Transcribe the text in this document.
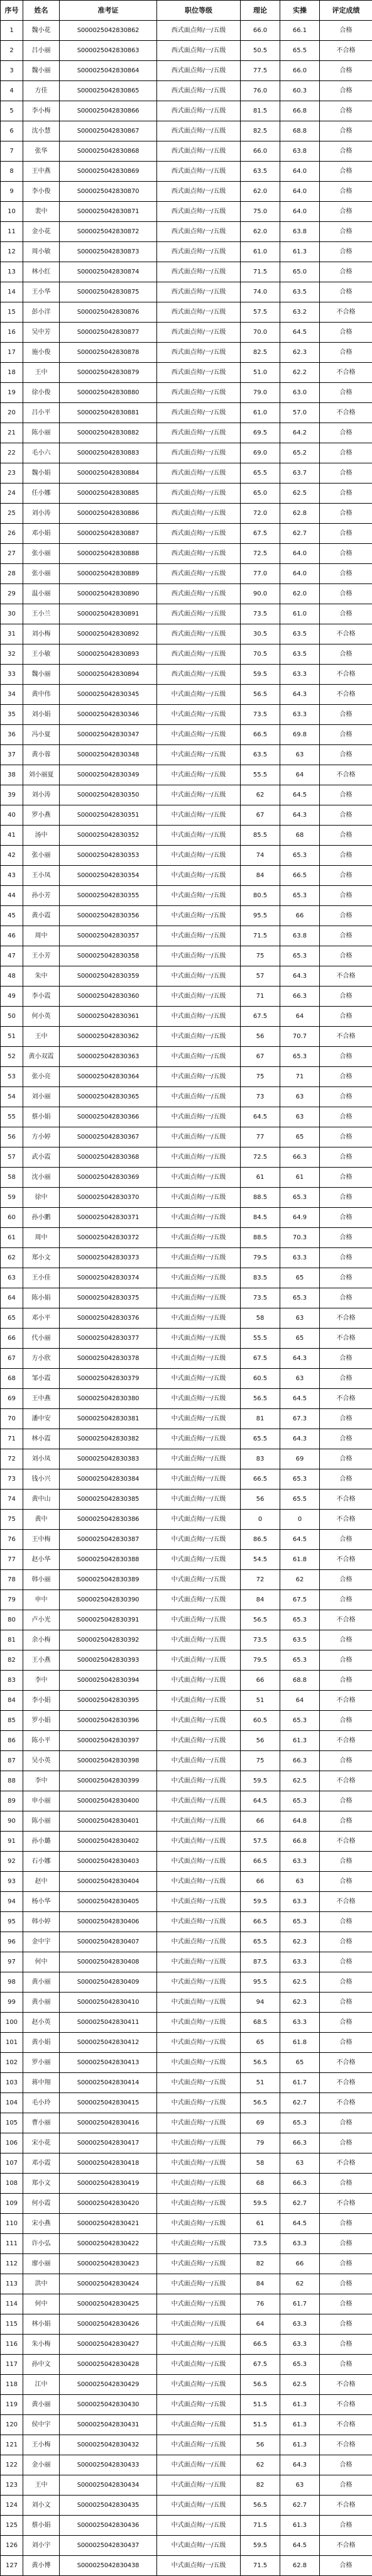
序号	姓名	准考证	职位等级	理论	实操	评定成绩
1	魏小花	S000025042830862	西式面点师/一/五级	66.0	66.1	合格
2	吕小丽	S000025042830863	西式面点师/一/五级	50.5	65.5	不合格
3	魏小丽	S000025042830864	西式面点师/一/五级	77.5	66.0	合格
4	方佳	S000025042830865	西式面点师/一/五级	76.0	60.3	合格
5	李小梅	S000025042830866	西式面点师/一/五级	81.5	66.8	合格
6	沈小慧	S000025042830867	西式面点师/一/五级	82.5	68.8	合格
7	张华	S000025042830868	西式面点师/一/五级	66.0	63.8	合格
8	王中燕	S000025042830869	西式面点师/一/五级	63.5	64.0	合格
9	李小俊	S000025042830870	西式面点师/一/五级	62.0	64.0	合格
10	裴中	S000025042830871	西式面点师/一/五级	75.0	64.0	合格
11	金小花	S000025042830872	西式面点师/一/五级	62.0	63.8	合格
12	周小敏	S000025042830873	西式面点师/一/五级	61.0	61.3	合格
13	林小红	S000025042830874	西式面点师/一/五级	71.5	65.0	合格
14	王小华	S000025042830875	西式面点师/一/五级	74.0	63.5	合格
15	彭小洋	S000025042830876	西式面点师/一/五级	57.5	63.2	不合格
16	吴中芳	S000025042830877	西式面点师/一/五级	70.0	64.5	合格
17	施小俊	S000025042830878	西式面点师/一/五级	82.5	62.3	合格
18	王中	S000025042830879	西式面点师/一/五级	51.0	62.2	不合格
19	徐小俊	S000025042830880	西式面点师/一/五级	79.0	63.0	合格
20	吕小平	S000025042830881	西式面点师/一/五级	61.0	57.0	不合格
21	陈小丽	S000025042830882	西式面点师/一/五级	69.5	64.2	合格
22	毛小六	S000025042830883	西式面点师/一/五级	69.0	65.2	合格
23	魏小娟	S000025042830884	西式面点师/一/五级	65.5	63.7	合格
24	任小娜	S000025042830885	西式面点师/一/五级	65.0	62.5	合格
25	刘小涛	S000025042830886	西式面点师/一/五级	72.0	62.8	合格
26	邓小娟	S000025042830887	西式面点师/一/五级	67.5	62.7	合格
27	张小丽	S000025042830888	西式面点师/一/五级	72.5	64.0	合格
28	张小丽	S000025042830889	西式面点师/一/五级	77.0	64.0	合格
29	温小丽	S000025042830890	西式面点师/一/五级	90.0	62.0	合格
30	王小兰	S000025042830891	西式面点师/一/五级	73.5	61.0	合格
31	刘小梅	S000025042830892	西式面点师/一/五级	30.5	63.5	不合格
32	王小敏	S000025042830893	西式面点师/一/五级	70.5	63.5	合格
33	魏小丽	S000025042830894	西式面点师/一/五级	59.5	63.3	不合格
34	黄中伟	S000025042830345	中式面点师/一/五级	56.5	64.3	不合格
35	刘小娟	S000025042830346	中式面点师/一/五级	73.5	63.3	合格
36	冯小夏	S000025042830347	中式面点师/一/五级	66.5	69.8	合格
37	黄小蓉	S000025042830348	中式面点师/一/五级	63.5	63	合格
38	刘小丽夏	S000025042830349	中式面点师/一/五级	55.5	64	不合格
39	刘小涛	S000025042830350	中式面点师/一/五级	62	64.5	合格
40	罗小燕	S000025042830351	中式面点师/一/五级	67	64.3	合格
41	汤中	S000025042830352	中式面点师/一/五级	85.5	68	合格
42	张小丽	S000025042830353	中式面点师/一/五级	74	65.3	合格
43	王小凤	S000025042830354	中式面点师/一/五级	84	66.5	合格
44	孙小芳	S000025042830355	中式面点师/一/五级	80.5	65.3	合格
45	黄小霞	S000025042830356	中式面点师/一/五级	95.5	66	合格
46	周中	S000025042830357	中式面点师/一/五级	71.5	63.8	合格
47	王小芳	S000025042830358	中式面点师/一/五级	75	65.3	合格
48	朱中	S000025042830359	中式面点师/一/五级	57	64.3	不合格
49	李小霞	S000025042830360	中式面点师/一/五级	71	66.3	合格
50	何小英	S000025042830361	中式面点师/一/五级	67.5	64	合格
51	王中	S000025042830362	中式面点师/一/五级	56	70.7	不合格
52	黄小双霞	S000025042830363	中式面点师/一/五级	67	65.3	合格
53	张小亮	S000025042830364	中式面点师/一/五级	75	71	合格
54	刘小丽	S000025042830365	中式面点师/一/五级	73	63	合格
55	蔡小娟	S000025042830366	中式面点师/一/五级	64.5	63	合格
56	方小婷	S000025042830367	中式面点师/一/五级	77	65	合格
57	武小霞	S000025042830368	中式面点师/一/五级	72.5	66.3	合格
58	沈小丽	S000025042830369	中式面点师/一/五级	61	61	合格
59	徐中	S000025042830370	中式面点师/一/五级	88.5	65.3	合格
60	孙小鹏	S000025042830371	中式面点师/一/五级	84.5	64.9	合格
61	周中	S000025042830372	中式面点师/一/五级	88.5	70.3	合格
62	郑小文	S000025042830373	中式面点师/一/五级	79.5	63.3	合格
63	王小佳	S000025042830374	中式面点师/一/五级	83.5	65	合格
64	陈小娟	S000025042830375	中式面点师/一/五级	73.5	65.3	合格
65	邓小平	S000025042830376	中式面点师/一/五级	58	63	不合格
66	代小丽	S000025042830377	中式面点师/一/五级	55.5	65	不合格
67	方小欣	S000025042830378	中式面点师/一/五级	67.5	64.3	合格
68	邹小霞	S000025042830379	中式面点师/一/五级	60.5	63	合格
69	王中燕	S000025042830380	中式面点师/一/五级	56.5	64.5	不合格
70	潘中安	S000025042830381	中式面点师/一/五级	81	67.3	合格
71	林小霞	S000025042830382	中式面点师/一/五级	65.5	64.3	合格
72	刘小凤	S000025042830383	中式面点师/一/五级	83	69	合格
73	钱小兴	S000025042830384	中式面点师/一/五级	66.5	65.3	合格
74	黄中山	S000025042830385	中式面点师/一/五级	56	65.5	不合格
75	黄中	S000025042830386	中式面点师/一/五级	0	0	不合格
76	王中梅	S000025042830387	中式面点师/一/五级	86.5	64.5	合格
77	赵小华	S000025042830388	中式面点师/一/五级	54.5	61.8	不合格
78	韩小丽	S000025042830389	中式面点师/一/五级	72	62	合格
79	申中	S000025042830390	中式面点师/一/五级	84	67.5	合格
80	卢小光	S000025042830391	中式面点师/一/五级	56.5	65.3	不合格
81	余小梅	S000025042830392	中式面点师/一/五级	73.5	63.5	合格
82	王小燕	S000025042830393	中式面点师/一/五级	79.5	65.3	合格
83	李中	S000025042830394	中式面点师/一/五级	66	68.8	合格
84	李小娟	S000025042830395	中式面点师/一/五级	51	64	不合格
85	罗小娟	S000025042830396	中式面点师/一/五级	60.5	65.3	合格
86	陈小平	S000025042830397	中式面点师/一/五级	56	61.3	不合格
87	吴小英	S000025042830398	中式面点师/一/五级	75	66.3	合格
88	李中	S000025042830399	中式面点师/一/五级	59.5	62.5	不合格
89	申小丽	S000025042830400	中式面点师/一/五级	64.5	65.3	合格
90	陈小丽	S000025042830401	中式面点师/一/五级	66	64.8	合格
91	孙小璐	S000025042830402	中式面点师/一/五级	57.5	66.8	不合格
92	石小娜	S000025042830403	中式面点师/一/五级	66.5	63.3	合格
93	赵中	S000025042830404	中式面点师/一/五级	66	63	合格
94	杨小华	S000025042830405	中式面点师/一/五级	59.5	63.3	不合格
95	韩小婷	S000025042830406	中式面点师/一/五级	66.5	65.3	合格
96	金中宇	S000025042830407	中式面点师/一/五级	65.5	62.3	合格
97	何中	S000025042830408	中式面点师/一/五级	87.5	63.3	合格
98	黄小丽	S000025042830409	中式面点师/一/五级	95.5	62.5	合格
99	黄小丽	S000025042830410	中式面点师/一/五级	94	62.3	合格
100	赵小英	S000025042830411	中式面点师/一/五级	68.5	63.3	合格
101	黄小娟	S000025042830412	中式面点师/一/五级	65	61.8	合格
102	罗小丽	S000025042830413	中式面点师/一/五级	56.5	65	不合格
103	蒋中翔	S000025042830414	中式面点师/一/五级	51	61.7	不合格
104	毛小玲	S000025042830415	中式面点师/一/五级	56.5	62.7	不合格
105	曹小丽	S000025042830416	中式面点师/一/五级	69	65.3	合格
106	宋小花	S000025042830417	中式面点师/一/五级	79	66.3	合格
107	邓小霞	S000025042830418	中式面点师/一/五级	58	63	不合格
108	郑小文	S000025042830419	中式面点师/一/五级	68	66.3	合格
109	何小霞	S000025042830420	中式面点师/一/五级	59.5	62.7	不合格
110	宋小燕	S000025042830421	中式面点师/一/五级	61	64.5	合格
111	许小弘	S000025042830422	中式面点师/一/五级	73.5	63.3	合格
112	廖小丽	S000025042830423	中式面点师/一/五级	82	66	合格
113	洪中	S000025042830424	中式面点师/一/五级	84	62	合格
114	何中	S000025042830425	中式面点师/一/五级	76	61.7	合格
115	林小娟	S000025042830426	中式面点师/一/五级	64	63.3	合格
116	朱小梅	S000025042830427	中式面点师/一/五级	66.5	63.3	合格
117	孙中文	S000025042830428	中式面点师/一/五级	67.5	65.3	合格
118	江中	S000025042830429	中式面点师/一/五级	56.5	62.5	不合格
119	黄小丽	S000025042830430	中式面点师/一/五级	51.5	61.3	不合格
120	侯中宇	S000025042830431	中式面点师/一/五级	51.5	61.3	不合格
121	王小梅	S000025042830432	中式面点师/一/五级	56	61.3	不合格
122	金小丽	S000025042830433	中式面点师/一/五级	62	64.3	合格
123	王中	S000025042830434	中式面点师/一/五级	82	63	合格
124	刘小文	S000025042830435	中式面点师/一/五级	56.5	62.7	不合格
125	蔡小娟	S000025042830436	中式面点师/一/五级	71.5	61.3	合格
126	刘小宇	S000025042830437	中式面点师/一/五级	59.5	64.5	不合格
127	黄小博	S000025042830438	中式面点师/一/五级	71.5	62.8	合格
